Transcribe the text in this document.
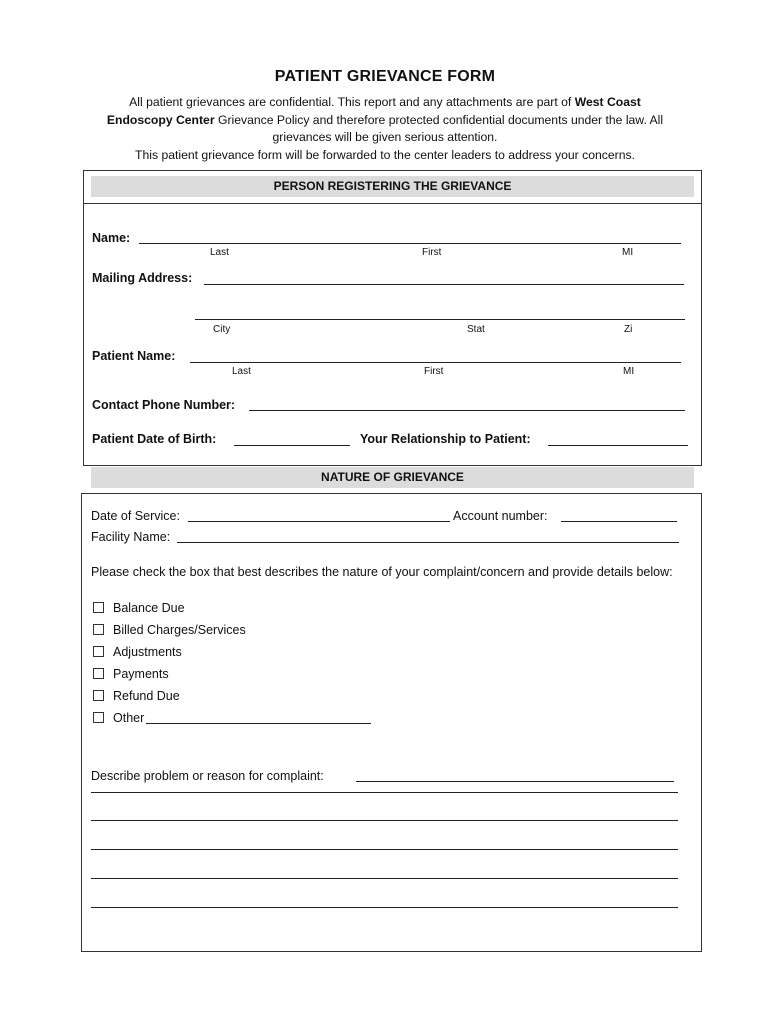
PATIENT GRIEVANCE FORM
All patient grievances are confidential. This report and any attachments are part of West Coast Endoscopy Center Grievance Policy and therefore protected confidential documents under the law. All grievances will be given serious attention.
This patient grievance form will be forwarded to the center leaders to address your concerns.
PERSON REGISTERING THE GRIEVANCE
Name:
Last	First	MI
Mailing Address:
City	Stat	Zi
Patient Name:
Last	First	MI
Contact Phone Number:
Patient Date of Birth:	Your Relationship to Patient:
NATURE OF GRIEVANCE
Date of Service:	Account number:
Facility Name:
Please check the box that best describes the nature of your complaint/concern and provide details below:
Balance Due
Billed Charges/Services
Adjustments
Payments
Refund Due
Other
Describe problem or reason for complaint:
